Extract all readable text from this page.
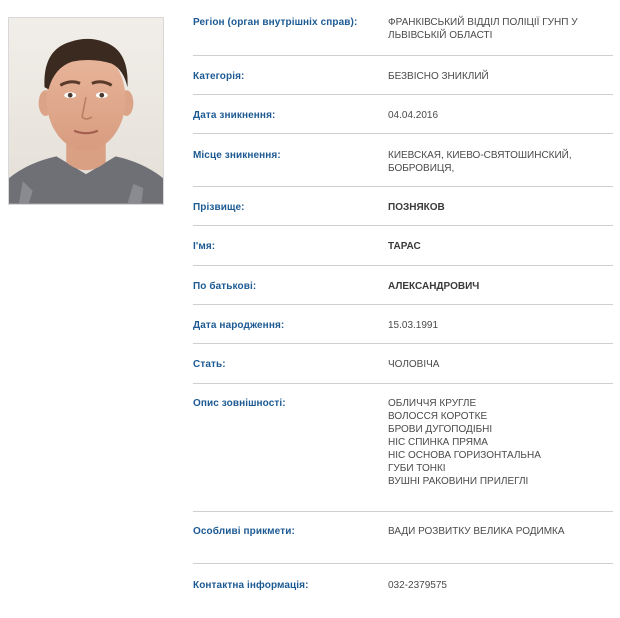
Регіон (орган внутрішніх справ):	ФРАНКІВСЬКИЙ ВІДДІЛ ПОЛІЦІЇ ГУНП У
ЛЬВІВСЬКІЙ ОБЛАСТІ
Категорія:	БЕЗВІСНО ЗНИКЛИЙ
Дата зникнення:	04.04.2016
Місце зникнення:	КИЕВСКАЯ, КИЕВО-СВЯТОШИНСКИЙ,
БОБРОВИЦЯ,
Прізвище:	ПОЗНЯКОВ
І'мя:	ТАРАС
По батькові:	АЛЕКСАНДРОВИЧ
Дата народження:	15.03.1991
Стать:	ЧОЛОВІЧА
Опис зовнішності:	ОБЛИЧЧЯ КРУГЛЕ
ВОЛОССЯ КОРОТКЕ
БРОВИ ДУГОПОДІБНІ
НІС СПИНКА ПРЯМА
НІС ОСНОВА ГОРИЗОНТАЛЬНА
ГУБИ ТОНКІ
ВУШНІ РАКОВИНИ ПРИЛЕГЛІ
Особливі прикмети:	ВАДИ РОЗВИТКУ ВЕЛИКА РОДИМКА
Контактна інформація:	032-2379575
